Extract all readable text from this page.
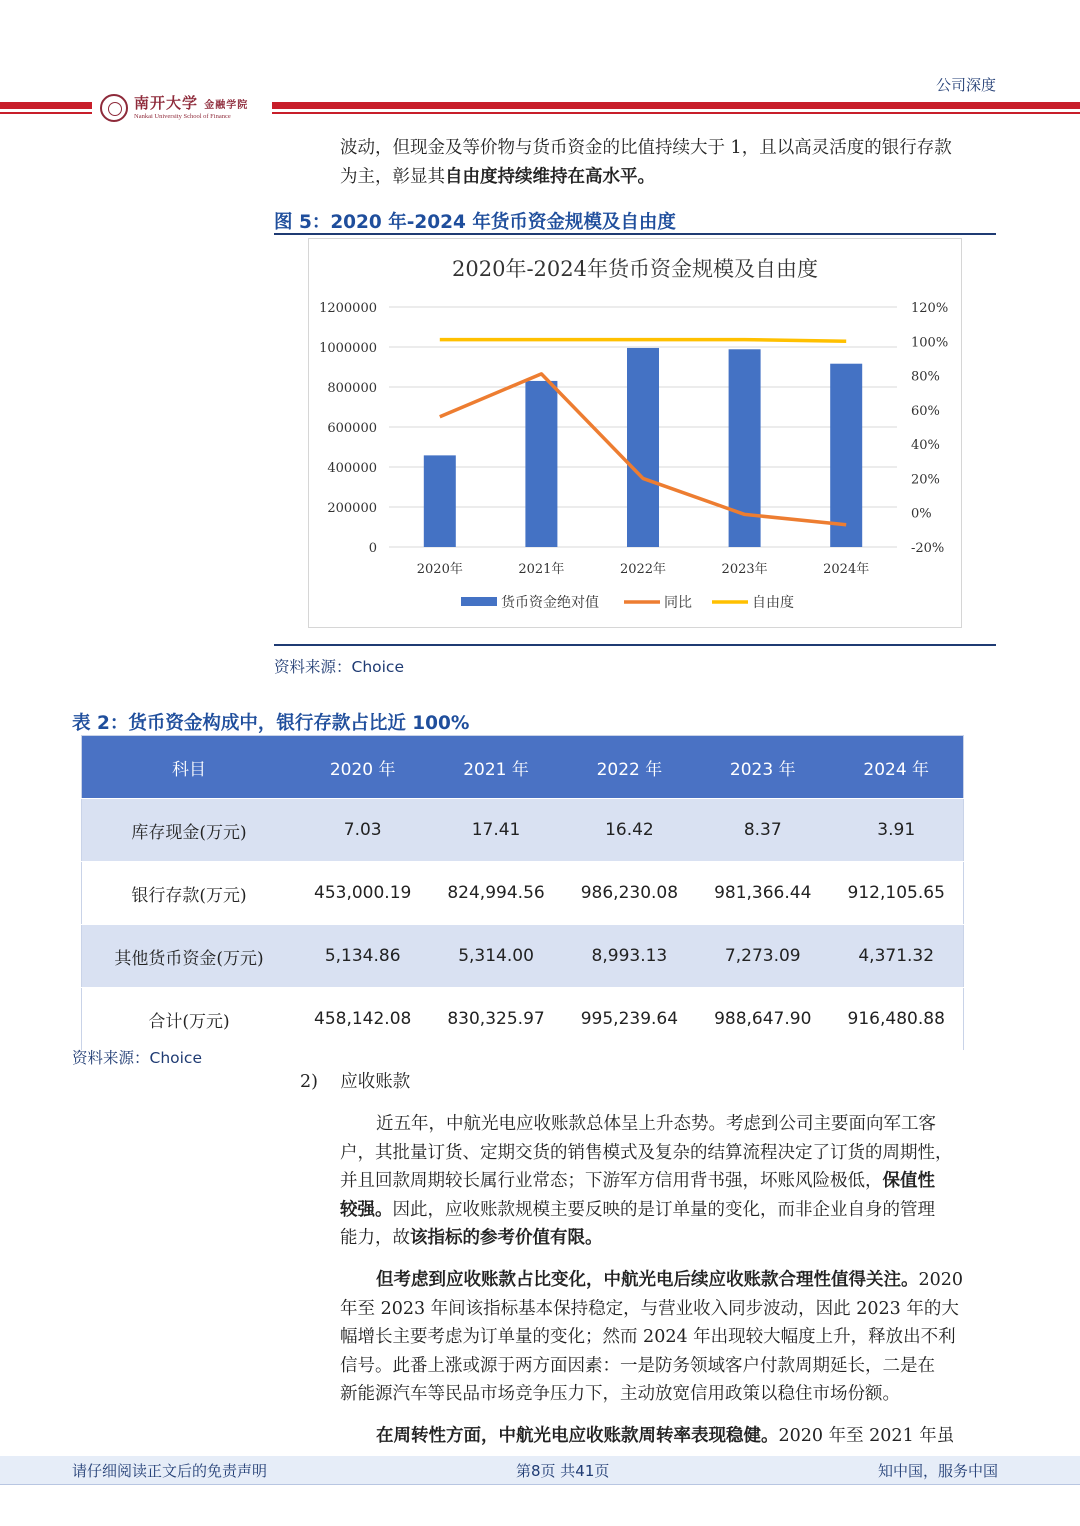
公司深度
南开大学 金融学院
Nankai University School of Finance
波动，但现金及等价物与货币资金的比值持续大于 1，且以高灵活度的银行存款
为主，彰显其自由度持续维持在高水平。
图 5：2020 年-2024 年货币资金规模及自由度
2020年-2024年货币资金规模及自由度
1200000
1000000
800000
600000
400000
200000
0
120%
100%
80%
60%
40%
20%
0%
-20%
2020年	2021年	2022年	2023年	2024年
货币资金绝对值	同比	自由度
资料来源：Choice
表 2：货币资金构成中，银行存款占比近 100%
科目	2020 年	2021 年	2022 年	2023 年	2024 年
库存现金(万元)	7.03	17.41	16.42	8.37	3.91
银行存款(万元)	453,000.19	824,994.56	986,230.08	981,366.44	912,105.65
其他货币资金(万元)	5,134.86	5,314.00	8,993.13	7,273.09	4,371.32
合计(万元)	458,142.08	830,325.97	995,239.64	988,647.90	916,480.88
资料来源：Choice
2) 应收账款
近五年，中航光电应收账款总体呈上升态势。考虑到公司主要面向军工客
户，其批量订货、定期交货的销售模式及复杂的结算流程决定了订货的周期性，
并且回款周期较长属行业常态；下游军方信用背书强，坏账风险极低，保值性
较强。因此，应收账款规模主要反映的是订单量的变化，而非企业自身的管理
能力，故该指标的参考价值有限。
但考虑到应收账款占比变化，中航光电后续应收账款合理性值得关注。2020
年至 2023 年间该指标基本保持稳定，与营业收入同步波动，因此 2023 年的大
幅增长主要考虑为订单量的变化；然而 2024 年出现较大幅度上升，释放出不利
信号。此番上涨或源于两方面因素：一是防务领域客户付款周期延长，二是在
新能源汽车等民品市场竞争压力下，主动放宽信用政策以稳住市场份额。
在周转性方面，中航光电应收账款周转率表现稳健。2020 年至 2021 年虽
请仔细阅读正文后的免责声明	第8页 共41页	知中国，服务中国
